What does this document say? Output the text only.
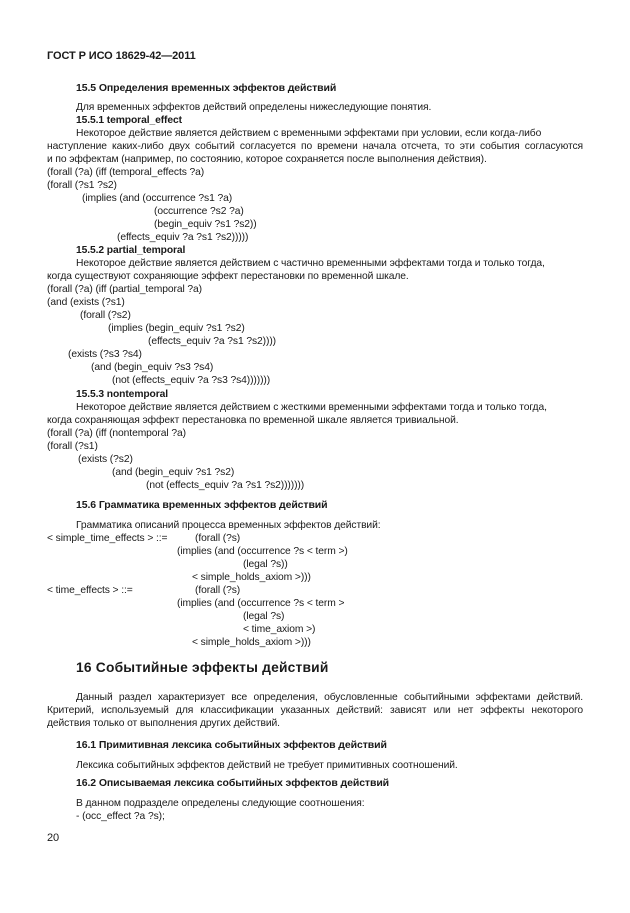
ГОСТ Р ИСО 18629-42—2011
15.5 Определения временных эффектов действий
Для временных эффектов действий определены нижеследующие понятия.
15.5.1 temporal_effect
Некоторое действие является действием с временными эффектами при условии, если когда-либо
наступление каких-либо двух событий согласуется по времени начала отсчета, то эти события согласуются
и по эффектам (например, по состоянию, которое сохраняется после выполнения действия).
(forall (?a) (iff (temporal_effects ?a)
(forall (?s1 ?s2)
(implies (and (occurrence ?s1 ?a)
(occurrence ?s2 ?a)
(begin_equiv ?s1 ?s2))
(effects_equiv ?a ?s1 ?s2)))))
15.5.2 partial_temporal
Некоторое действие является действием с частично временными эффектами тогда и только тогда,
когда существуют сохраняющие эффект перестановки по временной шкале.
(forall (?a) (iff (partial_temporal ?a)
(and (exists (?s1)
(forall (?s2)
(implies (begin_equiv ?s1 ?s2)
(effects_equiv ?a ?s1 ?s2))))
(exists (?s3 ?s4)
(and (begin_equiv ?s3 ?s4)
(not (effects_equiv ?a ?s3 ?s4)))))))
15.5.3 nontemporal
Некоторое действие является действием с жесткими временными эффектами тогда и только тогда,
когда сохраняющая эффект перестановка по временной шкале является тривиальной.
(forall (?a) (iff (nontemporal ?a)
(forall (?s1)
(exists (?s2)
(and (begin_equiv ?s1 ?s2)
(not (effects_equiv ?a ?s1 ?s2)))))))
15.6 Грамматика временных эффектов действий
Грамматика описаний процесса временных эффектов действий:
< simple_time_effects > ::=	(forall (?s)
(implies (and (occurrence ?s < term >)
(legal ?s))
< simple_holds_axiom >)))
< time_effects > ::=	(forall (?s)
(implies (and (occurrence ?s < term >
(legal ?s)
< time_axiom >)
< simple_holds_axiom >)))
16 Событийные эффекты действий
Данный раздел характеризует все определения, обусловленные событийными эффектами действий.
Критерий, используемый для классификации указанных действий: зависят или нет эффекты некоторого
действия только от выполнения других действий.
16.1 Примитивная лексика событийных эффектов действий
Лексика событийных эффектов действий не требует примитивных соотношений.
16.2 Описываемая лексика событийных эффектов действий
В данном подразделе определены следующие соотношения:
- (occ_effect ?a ?s);
20
